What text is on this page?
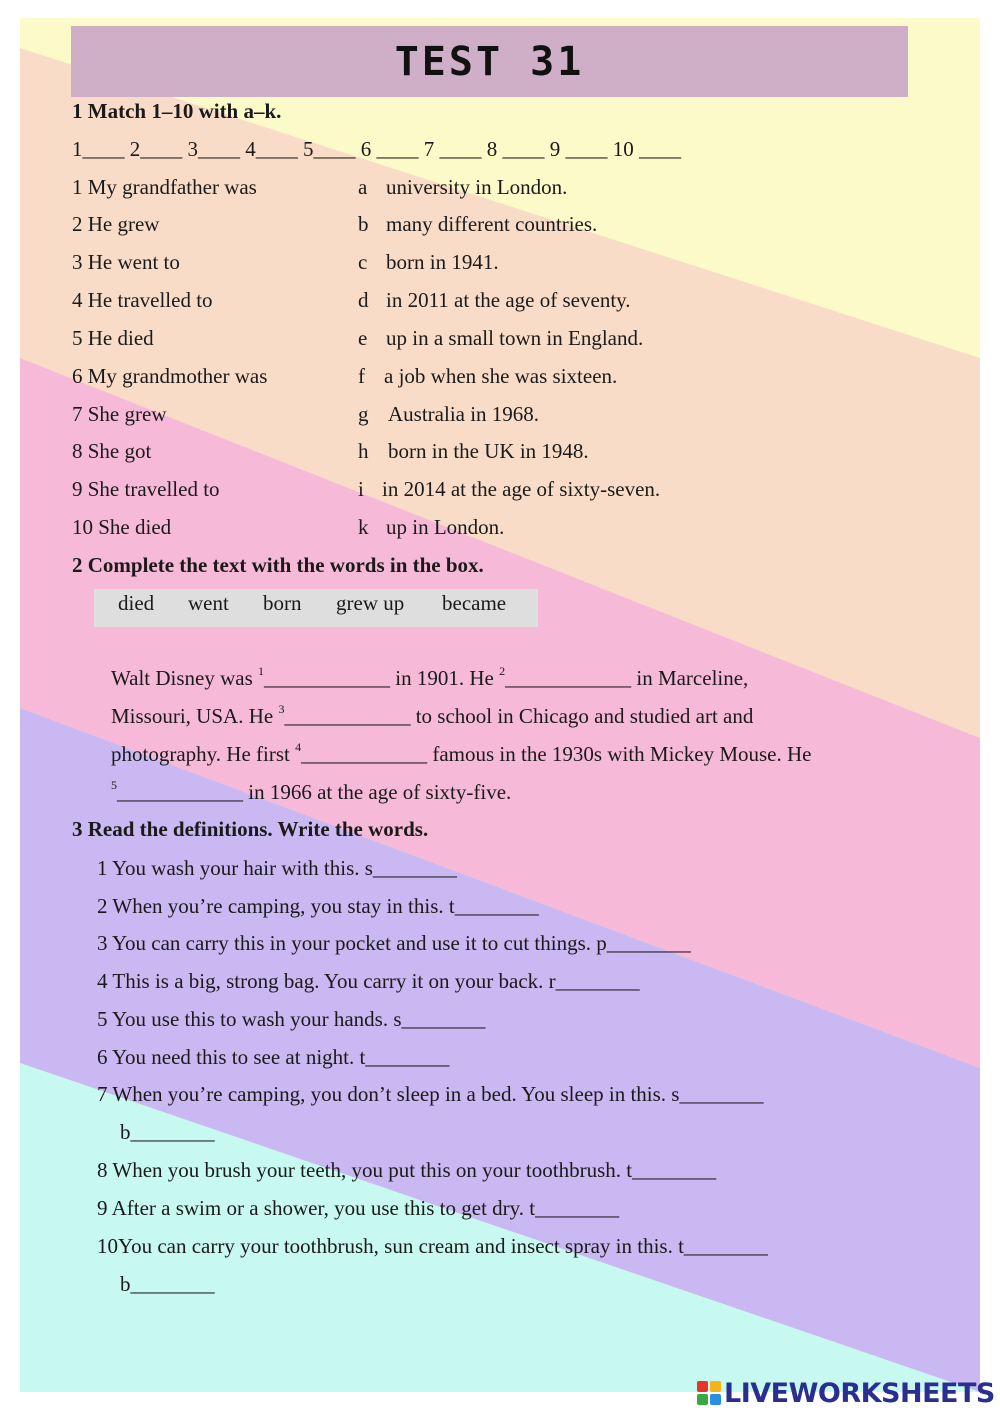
TEST 31
1 Match 1–10 with a–k.
1____ 2____ 3____ 4____ 5____ 6 ____ 7 ____ 8 ____ 9 ____ 10 ____
1 My grandfather was
2 He grew
3 He went to
4 He travelled to
5 He died
6 My grandmother was
7 She grew
8 She got
9 She travelled to
10 She died
a
b
c
d
e
f
g
h
i
k
university in London.
many different countries.
born in 1941.
in 2011 at the age of seventy.
up in a small town in England.
a job when she was sixteen.
Australia in 1968.
born in the UK in 1948.
in 2014 at the age of sixty-seven.
up in London.
2 Complete the text with the words in the box.
died went born grew up became
Walt Disney was $^1$____________ in 1901. He $^2$____________ in Marceline,
Missouri, USA. He $^3$____________ to school in Chicago and studied art and
photography. He first $^4$____________ famous in the 1930s with Mickey Mouse. He
$^5$____________ in 1966 at the age of sixty-five.
3 Read the definitions. Write the words.
1 You wash your hair with this. s________
2 When you’re camping, you stay in this. t________
3 You can carry this in your pocket and use it to cut things. p________
4 This is a big, strong bag. You carry it on your back. r________
5 You use this to wash your hands. s________
6 You need this to see at night. t________
7 When you’re camping, you don’t sleep in a bed. You sleep in this. s________
b________
8 When you brush your teeth, you put this on your toothbrush. t________
9 After a swim or a shower, you use this to get dry. t________
10You can carry your toothbrush, sun cream and insect spray in this. t________
b________
LIVEWORKSHEETS
